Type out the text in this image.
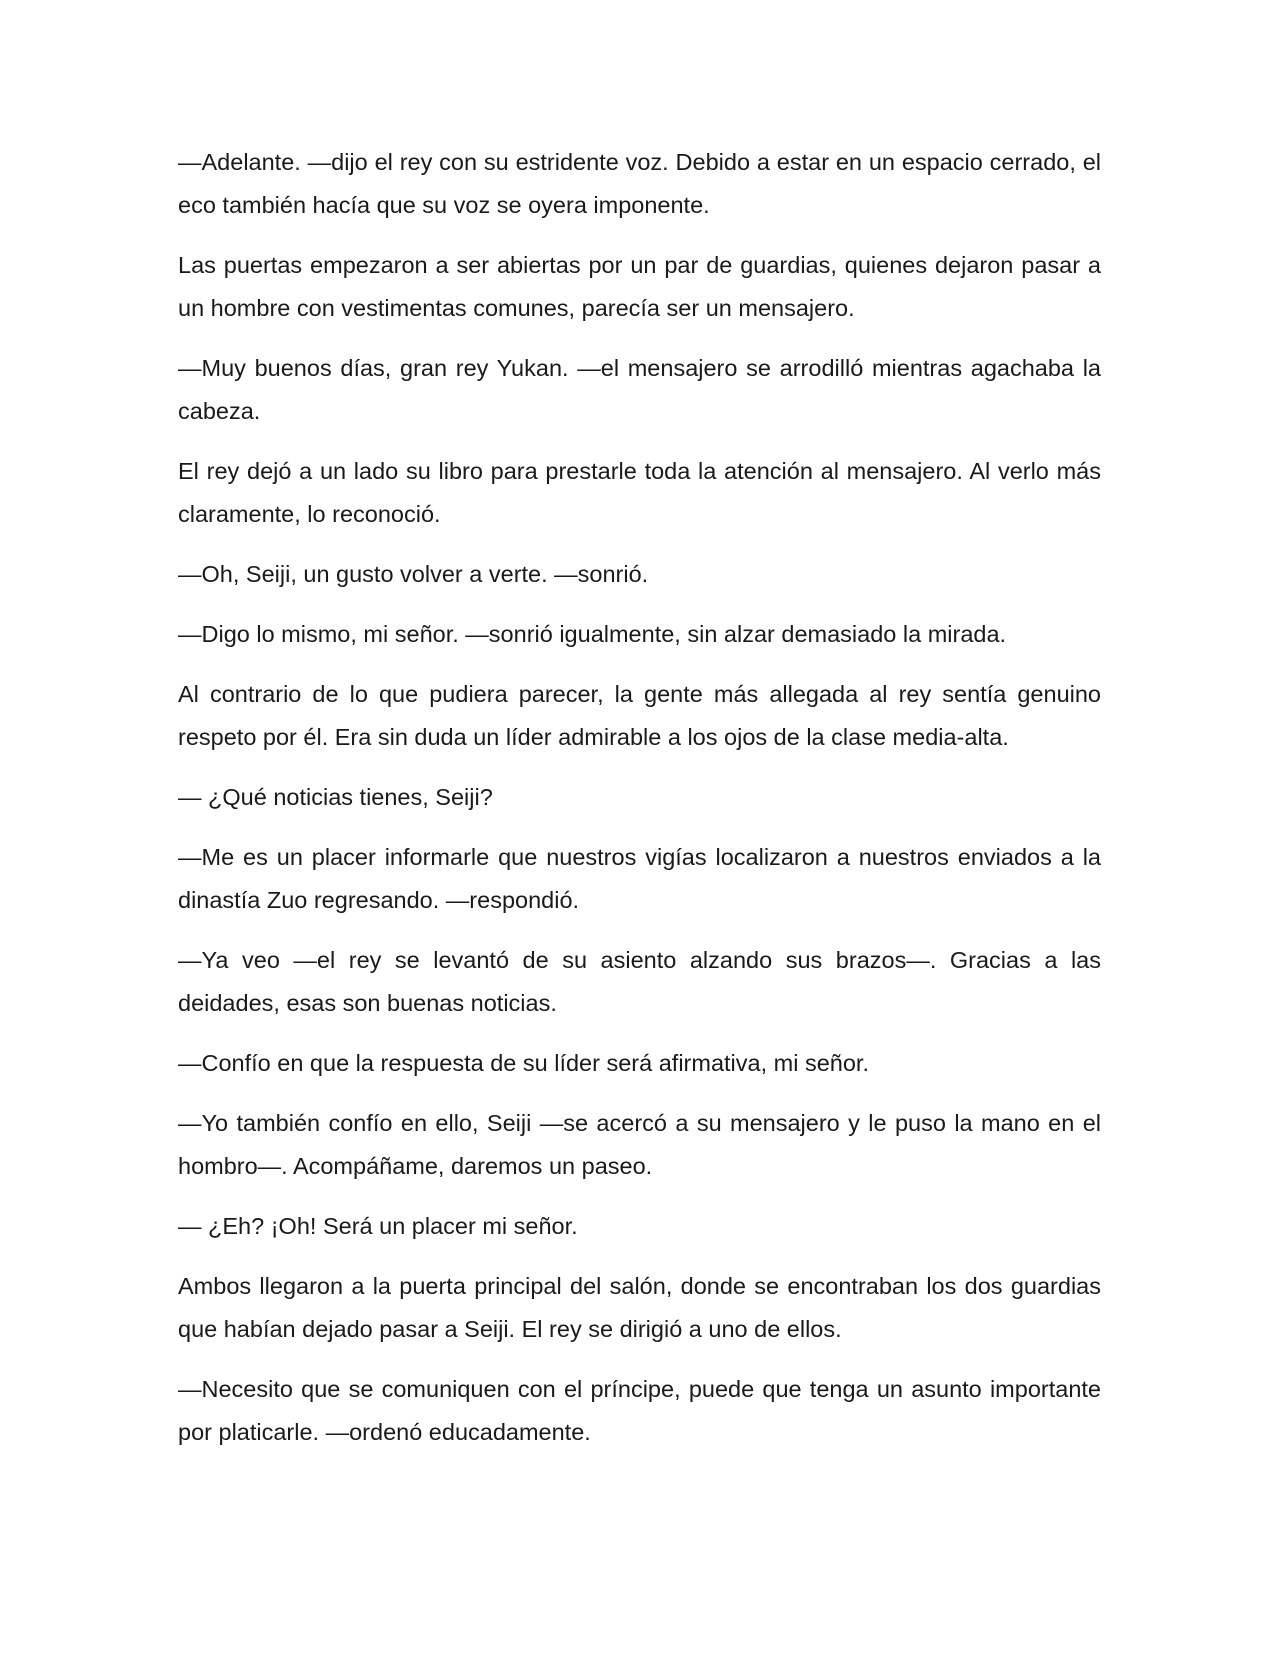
—Adelante. —dijo el rey con su estridente voz. Debido a estar en un espacio cerrado, el eco también hacía que su voz se oyera imponente.

Las puertas empezaron a ser abiertas por un par de guardias, quienes dejaron pasar a un hombre con vestimentas comunes, parecía ser un mensajero.

—Muy buenos días, gran rey Yukan. —el mensajero se arrodilló mientras agachaba la cabeza.

El rey dejó a un lado su libro para prestarle toda la atención al mensajero. Al verlo más claramente, lo reconoció.

—Oh, Seiji, un gusto volver a verte. —sonrió.

—Digo lo mismo, mi señor. —sonrió igualmente, sin alzar demasiado la mirada.

Al contrario de lo que pudiera parecer, la gente más allegada al rey sentía genuino respeto por él. Era sin duda un líder admirable a los ojos de la clase media-alta.

— ¿Qué noticias tienes, Seiji?

—Me es un placer informarle que nuestros vigías localizaron a nuestros enviados a la dinastía Zuo regresando. —respondió.

—Ya veo —el rey se levantó de su asiento alzando sus brazos—. Gracias a las deidades, esas son buenas noticias.

—Confío en que la respuesta de su líder será afirmativa, mi señor.

—Yo también confío en ello, Seiji —se acercó a su mensajero y le puso la mano en el hombro—. Acompáñame, daremos un paseo.

— ¿Eh? ¡Oh! Será un placer mi señor.

Ambos llegaron a la puerta principal del salón, donde se encontraban los dos guardias que habían dejado pasar a Seiji. El rey se dirigió a uno de ellos.

—Necesito que se comuniquen con el príncipe, puede que tenga un asunto importante por platicarle. —ordenó educadamente.
